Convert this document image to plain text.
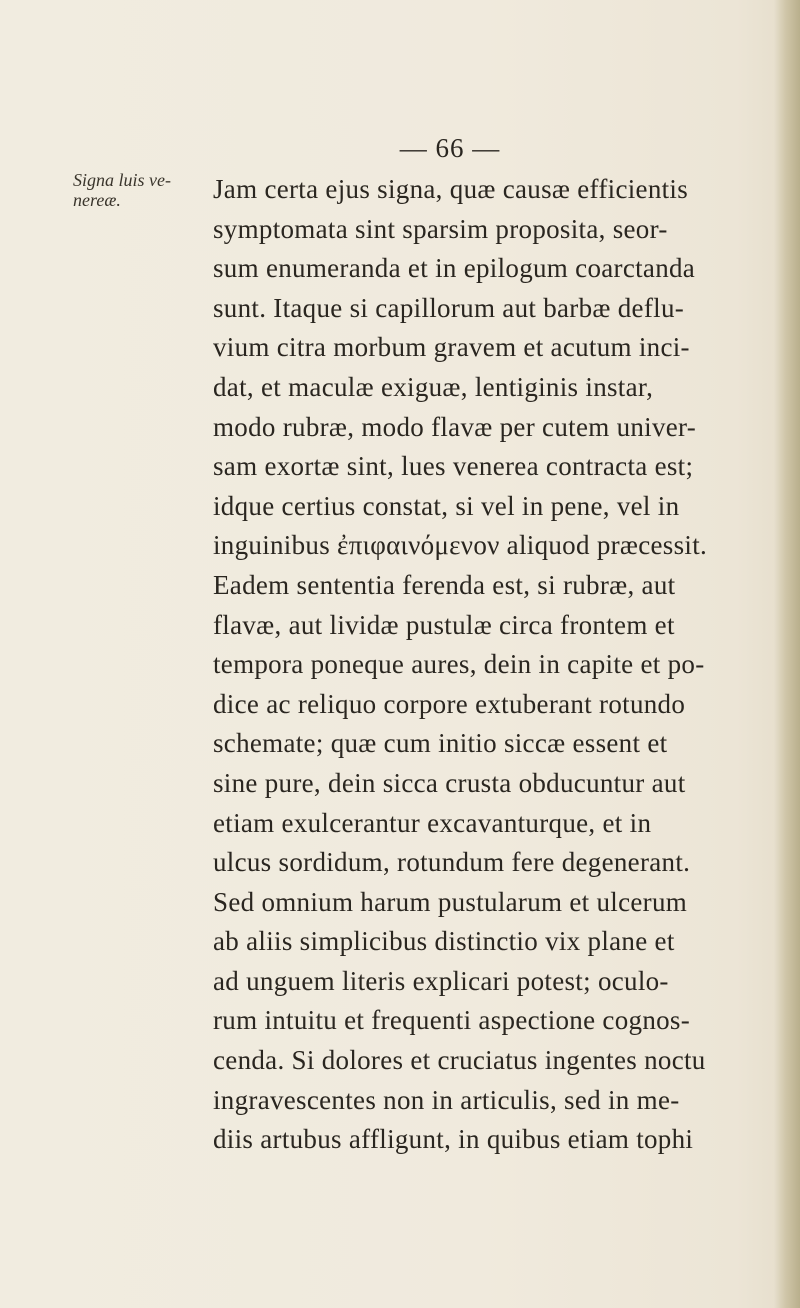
— 66 —
Signa luis ve-nereæ.	Jam certa ejus signa, quæ causæ efficientis
symptomata sint sparsim proposita, seor-
sum enumeranda et in epilogum coarctanda
sunt. Itaque si capillorum aut barbæ deflu-
vium citra morbum gravem et acutum inci-
dat, et maculæ exiguæ, lentiginis instar,
modo rubræ, modo flavæ per cutem univer-
sam exortæ sint, lues venerea contracta est;
idque certius constat, si vel in pene, vel in
inguinibus ἐπιφαινόμενον aliquod præcessit.
Eadem sententia ferenda est, si rubræ, aut
flavæ, aut lividæ pustulæ circa frontem et
tempora poneque aures, dein in capite et po-
dice ac reliquo corpore extuberant rotundo
schemate; quæ cum initio siccæ essent et
sine pure, dein sicca crusta obducuntur aut
etiam exulcerantur excavanturque, et in
ulcus sordidum, rotundum fere degenerant.
Sed omnium harum pustularum et ulcerum
ab aliis simplicibus distinctio vix plane et
ad unguem literis explicari potest; oculo-
rum intuitu et frequenti aspectione cognos-
cenda. Si dolores et cruciatus ingentes noctu
ingravescentes non in articulis, sed in me-
diis artubus affligunt, in quibus etiam tophi
